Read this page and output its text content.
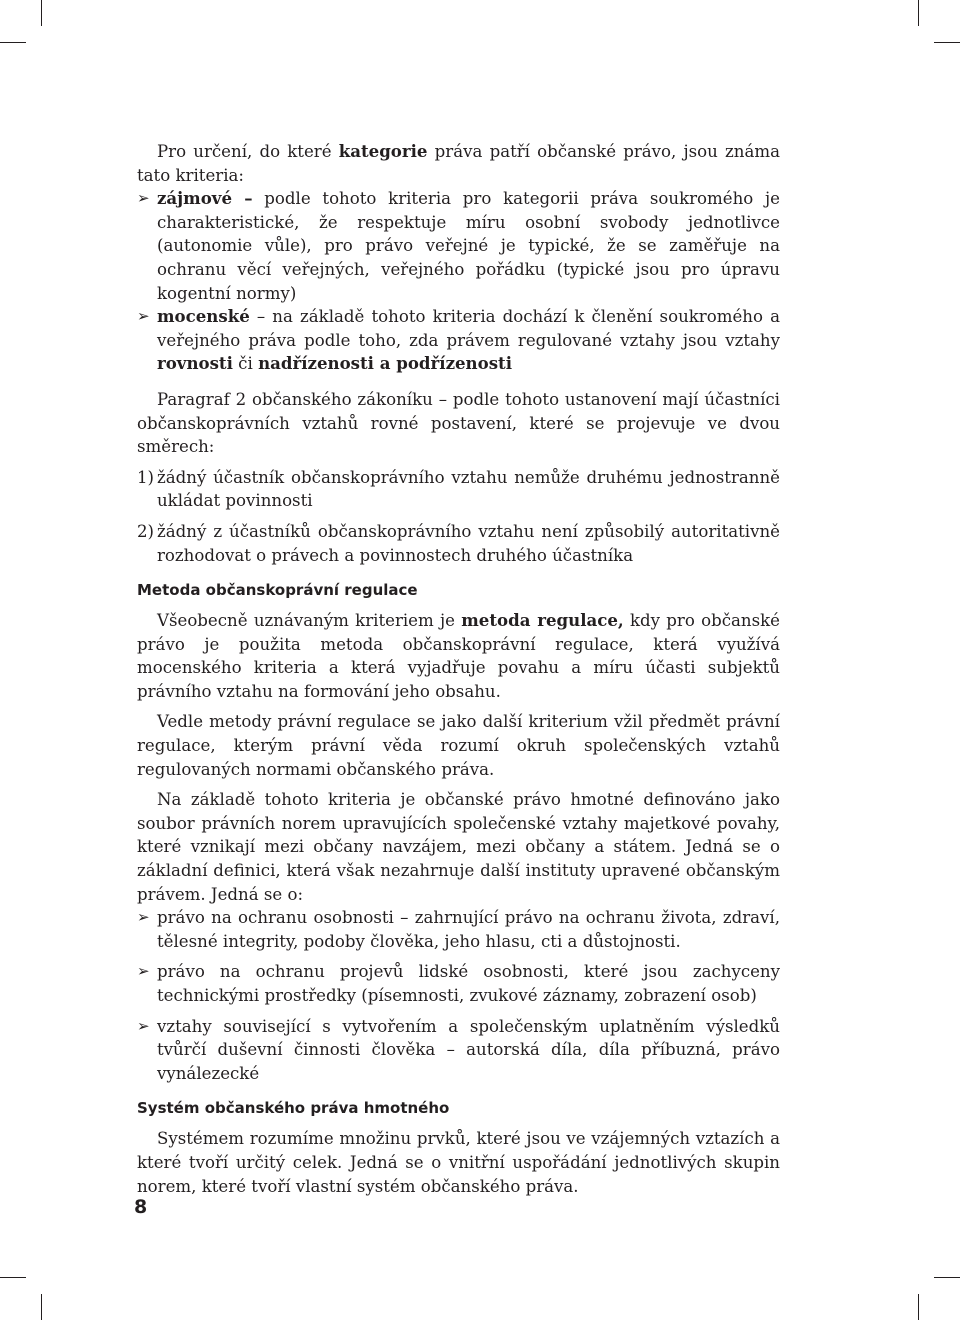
Pro určení, do které kategorie práva patří občanské právo, jsou známa tato kriteria:

➢ zájmové – podle tohoto kriteria pro kategorii práva soukromého je charakteristické, že respektuje míru osobní svobody jednotlivce (autonomie vůle), pro právo veřejné je typické, že se zaměřuje na ochranu věcí veřejných, veřejného pořádku (typické jsou pro úpravu kogentní normy)
➢ mocenské – na základě tohoto kriteria dochází k členění soukromého a veřejného práva podle toho, zda právem regulované vztahy jsou vztahy rovnosti či nadřízenosti a podřízenosti

Paragraf 2 občanského zákoníku – podle tohoto ustanovení mají účastníci občanskoprávních vztahů rovné postavení, které se projevuje ve dvou směrech:

1) žádný účastník občanskoprávního vztahu nemůže druhému jednostranně ukládat povinnosti
2) žádný z účastníků občanskoprávního vztahu není způsobilý autoritativně rozhodovat o právech a povinnostech druhého účastníka
Metoda občanskoprávní regulace

Všeobecně uznávaným kriteriem je metoda regulace, kdy pro občanské právo je použita metoda občanskoprávní regulace, která využívá mocenského kriteria a která vyjadřuje povahu a míru účasti subjektů právního vztahu na formování jeho obsahu.

Vedle metody právní regulace se jako další kriterium vžil předmět právní regulace, kterým právní věda rozumí okruh společenských vztahů regulovaných normami občanského práva.

Na základě tohoto kriteria je občanské právo hmotné definováno jako soubor právních norem upravujících společenské vztahy majetkové povahy, které vznikají mezi občany navzájem, mezi občany a státem. Jedná se o základní definici, která však nezahrnuje další instituty upravené občanským právem. Jedná se o:

➢ právo na ochranu osobnosti – zahrnující právo na ochranu života, zdraví, tělesné integrity, podoby člověka, jeho hlasu, cti a důstojnosti.
➢ právo na ochranu projevů lidské osobnosti, které jsou zachyceny technickými prostředky (písemnosti, zvukové záznamy, zobrazení osob)
➢ vztahy související s vytvořením a společenským uplatněním výsledků tvůrčí duševní činnosti člověka – autorská díla, díla příbuzná, právo vynálezecké
Systém občanského práva hmotného

Systémem rozumíme množinu prvků, které jsou ve vzájemných vztazích a které tvoří určitý celek. Jedná se o vnitřní uspořádání jednotlivých skupin norem, které tvoří vlastní systém občanského práva.

8
